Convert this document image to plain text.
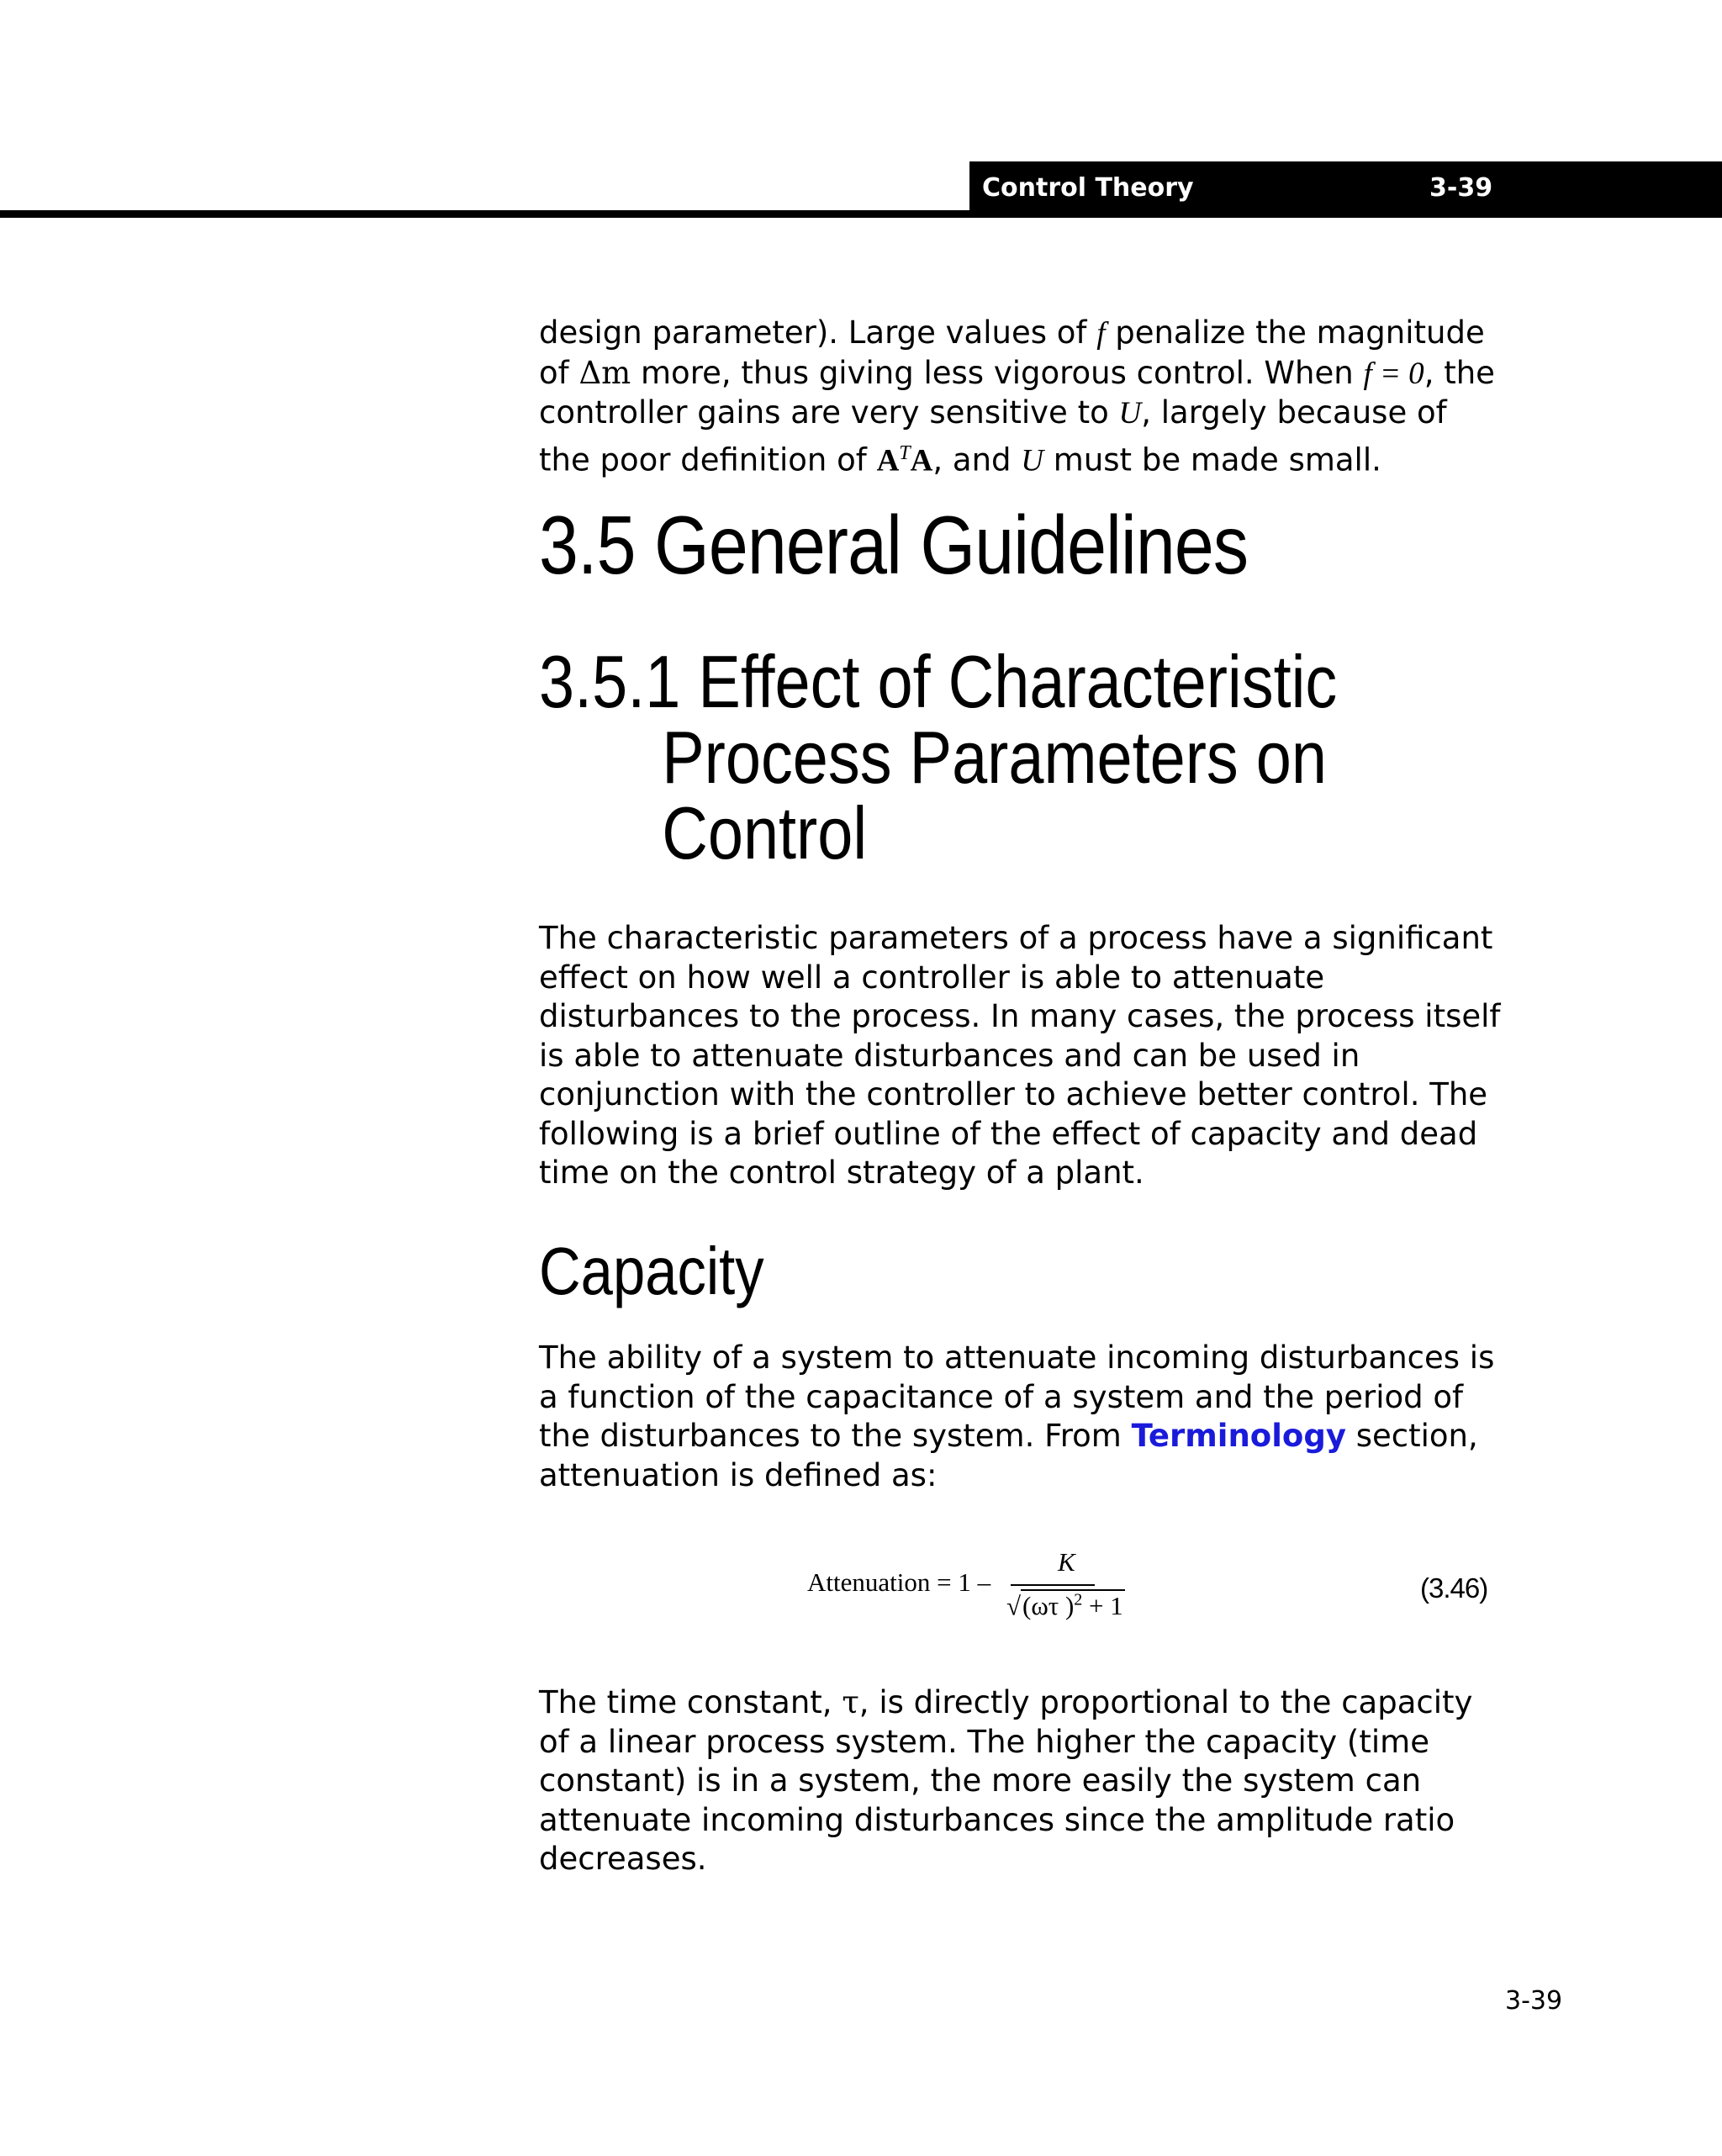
Control Theory	3-39

design parameter). Large values of f penalize the magnitude of Δm more, thus giving less vigorous control. When f = 0, the controller gains are very sensitive to U, largely because of the poor definition of $A^TA$, and U must be made small.

3.5 General Guidelines
3.5.1 Effect of Characteristic
Process Parameters on
Control

The characteristic parameters of a process have a significant effect on how well a controller is able to attenuate disturbances to the process. In many cases, the process itself is able to attenuate disturbances and can be used in conjunction with the controller to achieve better control. The following is a brief outline of the effect of capacity and dead time on the control strategy of a plant.

Capacity

The ability of a system to attenuate incoming disturbances is a function of the capacitance of a system and the period of the disturbances to the system. From Terminology section, attenuation is defined as:

Attenuation = 1 –
K
√(ωτ )$^2$ + 1
(3.46)

The time constant, τ, is directly proportional to the capacity of a linear process system. The higher the capacity (time constant) is in a system, the more easily the system can attenuate incoming disturbances since the amplitude ratio decreases.

3-39
